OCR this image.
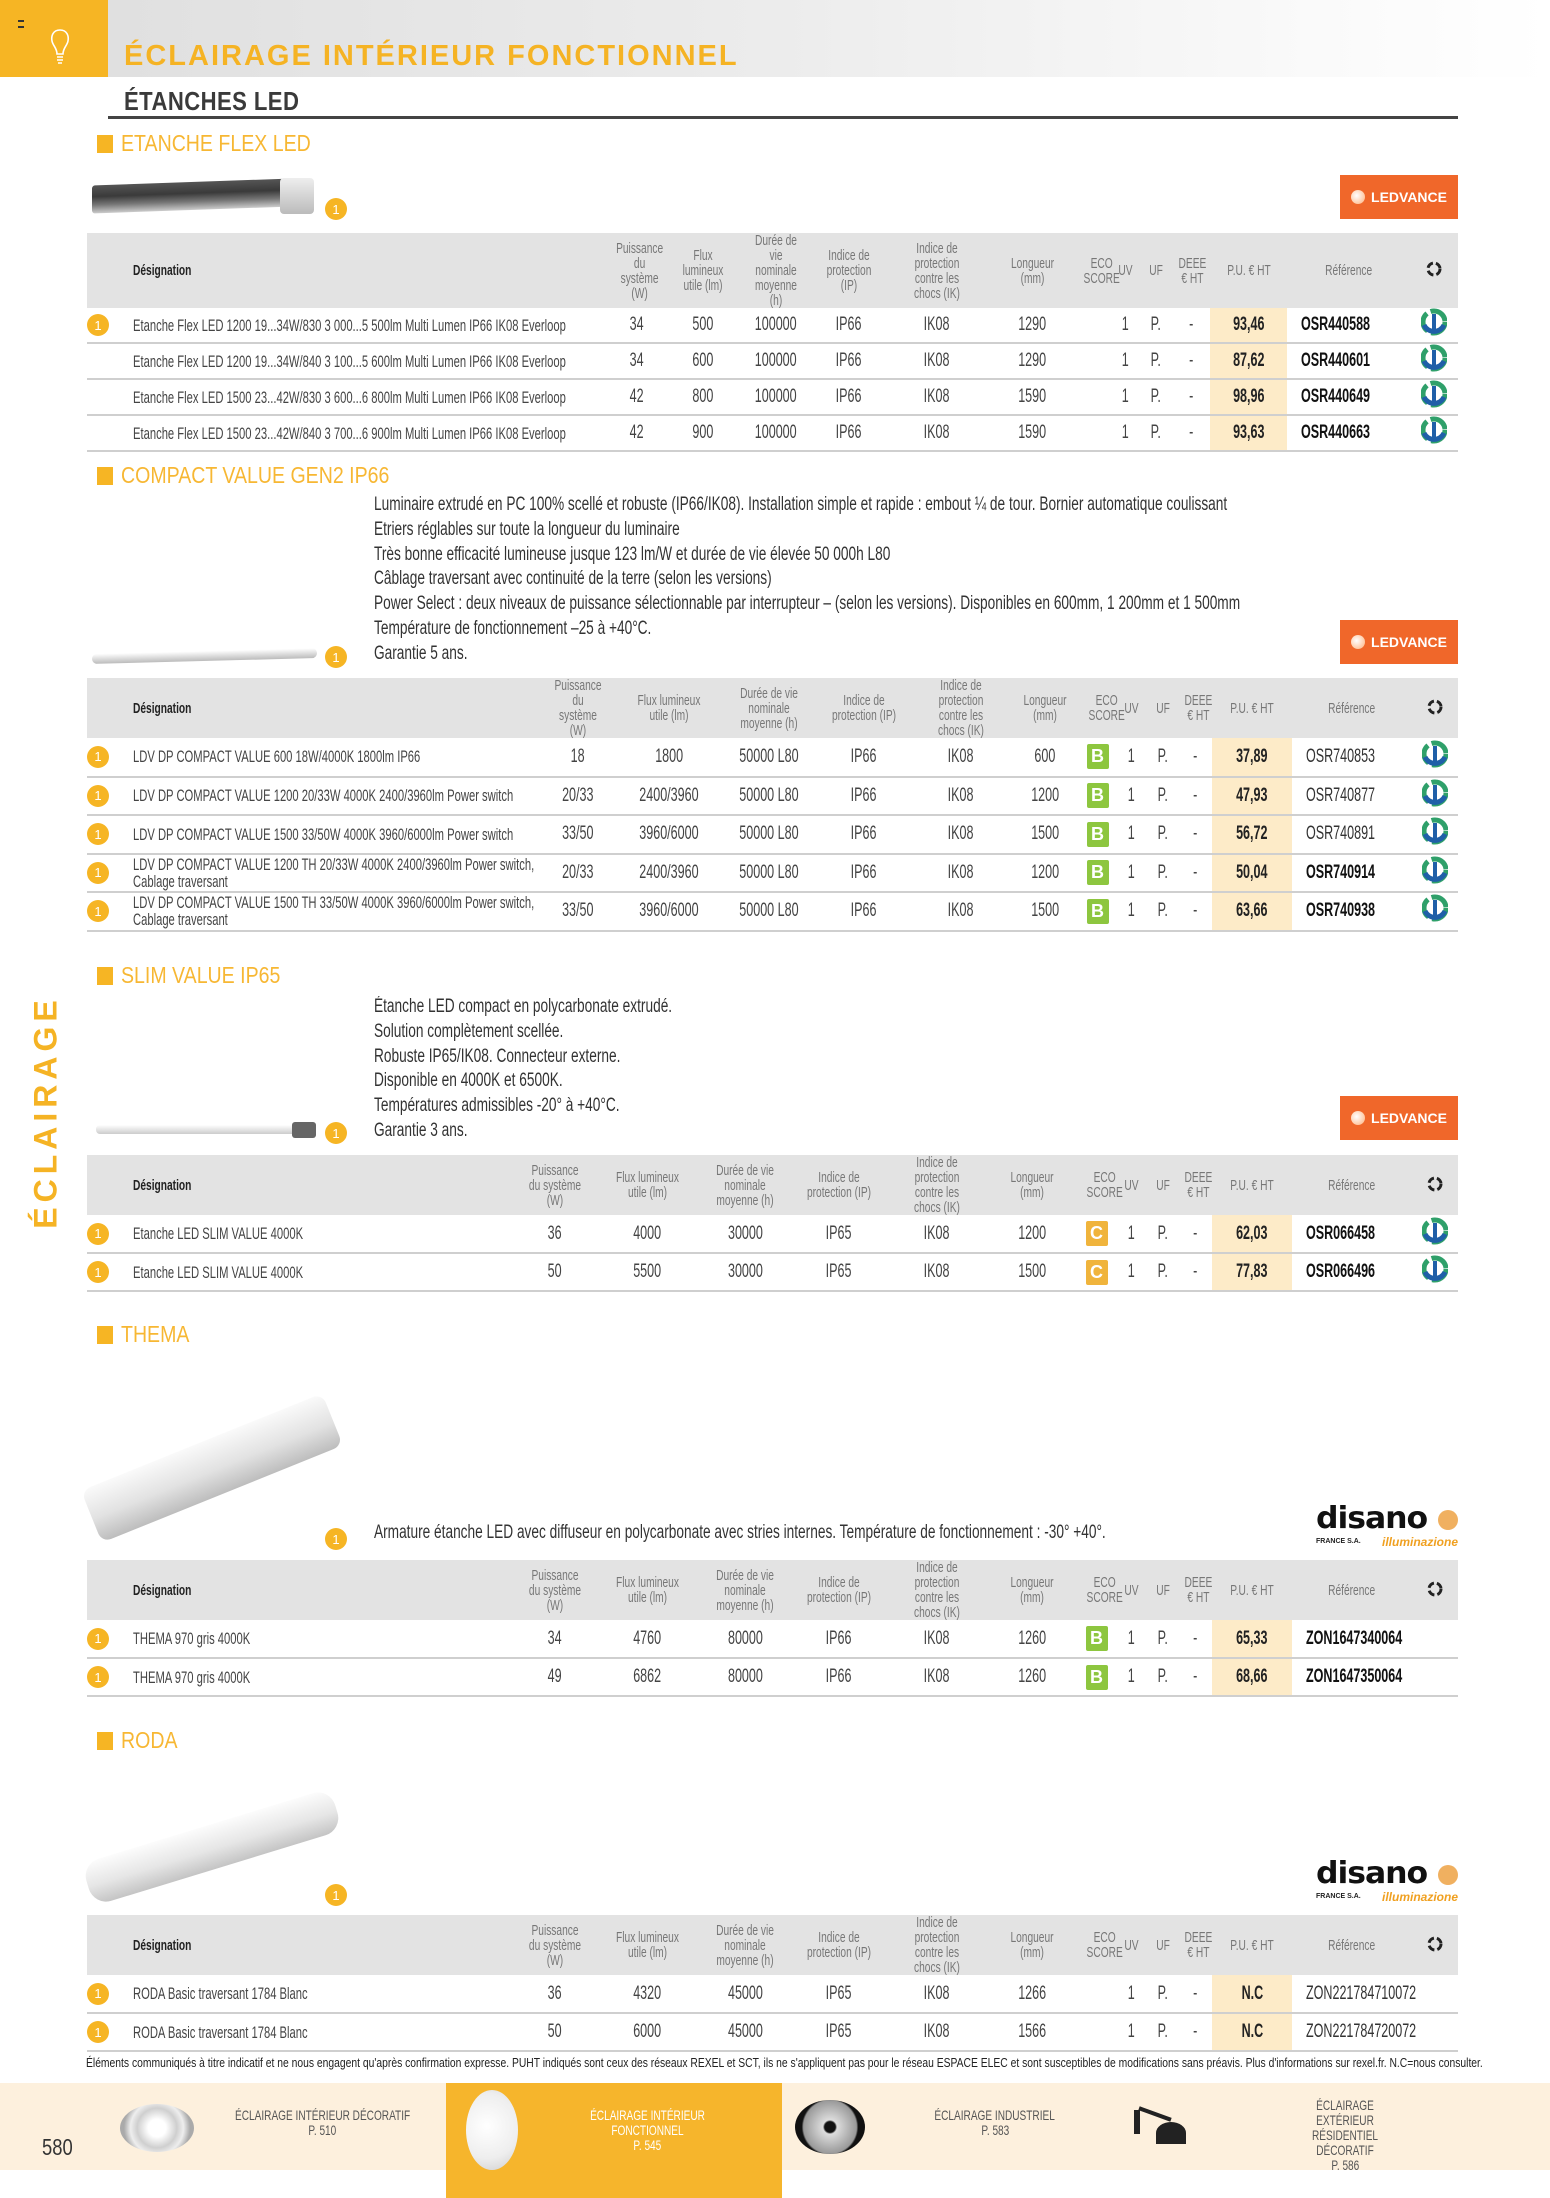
ÉCLAIRAGE INTÉRIEUR FONCTIONNEL
ÉTANCHES LED
ÉCLAIRAGE
ETANCHE FLEX LED
LEDVANCE
1
Désignation	Puissance du système (W)	Flux lumineux utile (lm)	Durée de vie nominale moyenne (h)	Indice de protection (IP)	Indice de protection contre les chocs (IK)	Longueur (mm)	ECO SCORE	UV	UF	DEEE € HT	P.U. € HT	Référence	

1 Etanche Flex LED 1200 19...34W/830 3 000...5 500lm Multi Lumen IP66 IK08 Everloop	34	500	100000	IP66	IK08	1290		1	P.	-	93,46	OSR440588	
Etanche Flex LED 1200 19...34W/840 3 100...5 600lm Multi Lumen IP66 IK08 Everloop	34	600	100000	IP66	IK08	1290		1	P.	-	87,62	OSR440601	
Etanche Flex LED 1500 23...42W/830 3 600...6 800lm Multi Lumen IP66 IK08 Everloop	42	800	100000	IP66	IK08	1590		1	P.	-	98,96	OSR440649	
Etanche Flex LED 1500 23...42W/840 3 700...6 900lm Multi Lumen IP66 IK08 Everloop	42	900	100000	IP66	IK08	1590		1	P.	-	93,63	OSR440663	
COMPACT VALUE GEN2 IP66
LEDVANCE
1
Luminaire extrudé en PC 100% scellé et robuste (IP66/IK08). Installation simple et rapide : embout ¼ de tour. Bornier automatique coulissant
Etriers réglables sur toute la longueur du luminaire
Très bonne efficacité lumineuse jusque 123 lm/W et durée de vie élevée 50 000h L80
Câblage traversant avec continuité de la terre (selon les versions)
Power Select : deux niveaux de puissance sélectionnable par interrupteur – (selon les versions). Disponibles en 600mm, 1 200mm et 1 500mm
Température de fonctionnement –25 à +40°C.
Garantie 5 ans.
Désignation	Puissance du système (W)	Flux lumineux utile (lm)	Durée de vie nominale moyenne (h)	Indice de protection (IP)	Indice de protection contre les chocs (IK)	Longueur (mm)	ECO SCORE	UV	UF	DEEE € HT	P.U. € HT	Référence	

1 LDV DP COMPACT VALUE 600 18W/4000K 1800lm IP66	18	1800	50000 L80	IP66	IK08	600	B	1	P.	-	37,89	OSR740853	

1 LDV DP COMPACT VALUE 1200 20/33W 4000K 2400/3960lm Power switch	20/33	2400/3960	50000 L80	IP66	IK08	1200	B	1	P.	-	47,93	OSR740877	

1 LDV DP COMPACT VALUE 1500 33/50W 4000K 3960/6000lm Power switch	33/50	3960/6000	50000 L80	IP66	IK08	1500	B	1	P.	-	56,72	OSR740891	

1 LDV DP COMPACT VALUE 1200 TH 20/33W 4000K 2400/3960lm Power switch, Cablage traversant	20/33	2400/3960	50000 L80	IP66	IK08	1200	B	1	P.	-	50,04	OSR740914	

1 LDV DP COMPACT VALUE 1500 TH 33/50W 4000K 3960/6000lm Power switch, Cablage traversant	33/50	3960/6000	50000 L80	IP66	IK08	1500	B	1	P.	-	63,66	OSR740938	
SLIM VALUE IP65
LEDVANCE
1
Étanche LED compact en polycarbonate extrudé.
Solution complètement scellée.
Robuste IP65/IK08. Connecteur externe.
Disponible en 4000K et 6500K.
Températures admissibles -20° à +40°C.
Garantie 3 ans.
Désignation	Puissance du système (W)	Flux lumineux utile (lm)	Durée de vie nominale moyenne (h)	Indice de protection (IP)	Indice de protection contre les chocs (IK)	Longueur (mm)	ECO SCORE	UV	UF	DEEE € HT	P.U. € HT	Référence	

1 Etanche LED SLIM VALUE 4000K	36	4000	30000	IP65	IK08	1200	C	1	P.	-	62,03	OSR066458	

1 Etanche LED SLIM VALUE 4000K	50	5500	30000	IP65	IK08	1500	C	1	P.	-	77,83	OSR066496	
THEMA
disano
FRANCE S.A. illuminazione
1	Armature étanche LED avec diffuseur en polycarbonate avec stries internes. Température de fonctionnement : -30° +40°.
Désignation	Puissance du système (W)	Flux lumineux utile (lm)	Durée de vie nominale moyenne (h)	Indice de protection (IP)	Indice de protection contre les chocs (IK)	Longueur (mm)	ECO SCORE	UV	UF	DEEE € HT	P.U. € HT	Référence	

1 THEMA 970 gris 4000K	34	4760	80000	IP66	IK08	1260	B	1	P.	-	65,33	ZON1647340064	

1 THEMA 970 gris 4000K	49	6862	80000	IP66	IK08	1260	B	1	P.	-	68,66	ZON1647350064	
RODA
disano
FRANCE S.A. illuminazione
1
Désignation	Puissance du système (W)	Flux lumineux utile (lm)	Durée de vie nominale moyenne (h)	Indice de protection (IP)	Indice de protection contre les chocs (IK)	Longueur (mm)	ECO SCORE	UV	UF	DEEE € HT	P.U. € HT	Référence	

1 RODA Basic traversant 1784 Blanc	36	4320	45000	IP65	IK08	1266		1	P.	-	N.C	ZON221784710072	

1 RODA Basic traversant 1784 Blanc	50	6000	45000	IP65	IK08	1566		1	P.	-	N.C	ZON221784720072	
Éléments communiqués à titre indicatif et ne nous engagent qu'après confirmation expresse. PUHT indiqués sont ceux des réseaux REXEL et SCT, ils ne s'appliquent pas pour le réseau ESPACE ELEC et sont susceptibles de modifications sans préavis. Plus d'informations sur rexel.fr. N.C=nous consulter.
ÉCLAIRAGE INTÉRIEUR DÉCORATIF
P. 510
ÉCLAIRAGE INTÉRIEUR FONCTIONNEL
P. 545
ÉCLAIRAGE INDUSTRIEL
P. 583
ÉCLAIRAGE EXTÉRIEUR RÉSIDENTIEL DÉCORATIF
P. 586
580
